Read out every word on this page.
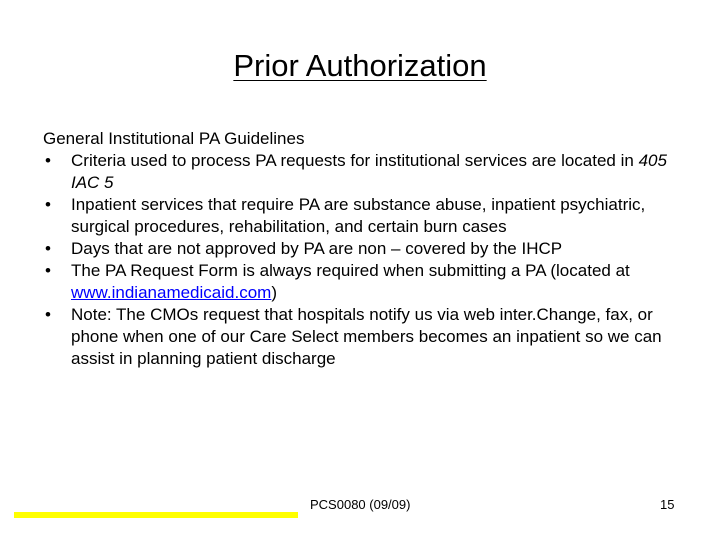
Prior Authorization

General Institutional PA Guidelines

• Criteria used to process PA requests for institutional services are located in 405 IAC 5
• Inpatient services that require PA are substance abuse, inpatient psychiatric, surgical procedures, rehabilitation, and certain burn cases
• Days that are not approved by PA are non – covered by the IHCP
• The PA Request Form is always required when submitting a PA (located at www.indianamedicaid.com)
• Note: The CMOs request that hospitals notify us via web inter.Change, fax, or phone when one of our Care Select members becomes an inpatient so we can assist in planning patient discharge
PCS0080 (09/09)	15
